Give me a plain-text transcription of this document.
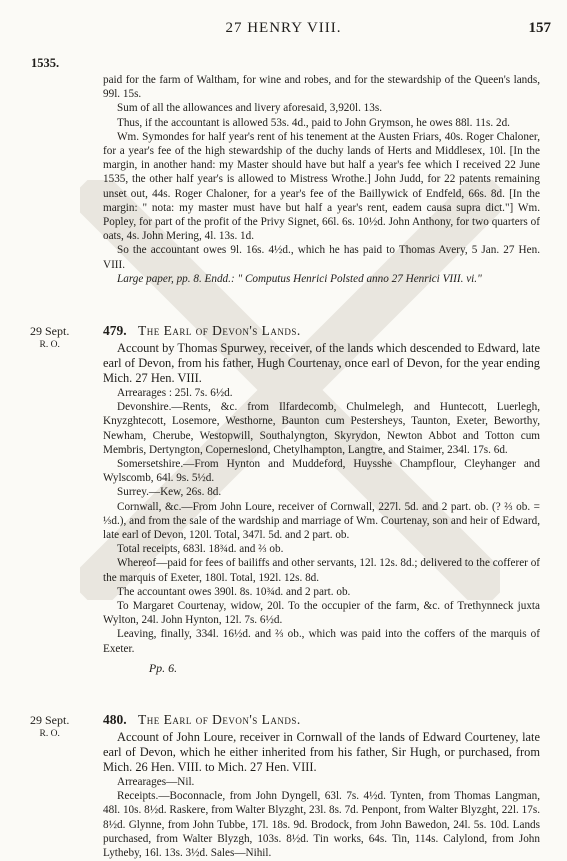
27 HENRY VIII.	157
1535.

paid for the farm of Waltham, for wine and robes, and for the stewardship of the Queen's lands, 99l. 15s.

Sum of all the allowances and livery aforesaid, 3,920l. 13s.

Thus, if the accountant is allowed 53s. 4d., paid to John Grymson, he owes 88l. 11s. 2d.

Wm. Symondes for half year's rent of his tenement at the Austen Friars, 40s. Roger Chaloner, for a year's fee of the high stewardship of the duchy lands of Herts and Middlesex, 10l. [In the margin, in another hand: my Master should have but half a year's fee which I received 22 June 1535, the other half year's is allowed to Mistress Wrothe.] John Judd, for 22 patents remaining unset out, 44s. Roger Chaloner, for a year's fee of the Baillywick of Endfeld, 66s. 8d. [In the margin: " nota: my master must have but half a year's rent, eadem causa supra dict."] Wm. Popley, for part of the profit of the Privy Signet, 66l. 6s. 10½d. John Anthony, for two quarters of oats, 4s. John Mering, 4l. 13s. 1d.

So the accountant owes 9l. 16s. 4½d., which he has paid to Thomas Avery, 5 Jan. 27 Hen. VIII.

Large paper, pp. 8. Endd.: " Computus Henrici Polsted anno 27 Henrici VIII. vi."

29 Sept.
R. O.
479. The Earl of Devon's Lands.

Account by Thomas Spurwey, receiver, of the lands which descended to Edward, late earl of Devon, from his father, Hugh Courtenay, once earl of Devon, for the year ending Mich. 27 Hen. VIII.

Arrearages : 25l. 7s. 6½d.

Devonshire.—Rents, &c. from Ilfardecomb, Chulmelegh, and Huntecott, Luerlegh, Knyzghtecott, Losemore, Westhorne, Baunton cum Pestersheys, Taunton, Exeter, Beworthy, Newham, Cherube, Westopwill, Southalyngton, Skyrydon, Newton Abbot and Totton cum Membris, Dertyngton, Coperneslond, Chetylhampton, Langtre, and Staimer, 234l. 17s. 6d.

Somersetshire.—From Hynton and Muddeford, Huysshe Champflour, Cleyhanger and Wylscomb, 64l. 9s. 5½d.

Surrey.—Kew, 26s. 8d.

Cornwall, &c.—From John Loure, receiver of Cornwall, 227l. 5d. and 2 part. ob. (? ⅔ ob. = ⅓d.), and from the sale of the wardship and marriage of Wm. Courtenay, son and heir of Edward, late earl of Devon, 120l. Total, 347l. 5d. and 2 part. ob.

Total receipts, 683l. 18¾d. and ⅔ ob.

Whereof—paid for fees of bailiffs and other servants, 12l. 12s. 8d.; delivered to the cofferer of the marquis of Exeter, 180l. Total, 192l. 12s. 8d.

The accountant owes 390l. 8s. 10¾d. and 2 part. ob.

To Margaret Courtenay, widow, 20l. To the occupier of the farm, &c. of Trethynneck juxta Wylton, 24l. John Hynton, 12l. 7s. 6½d.

Leaving, finally, 334l. 16½d. and ⅔ ob., which was paid into the coffers of the marquis of Exeter.

Pp. 6.
29 Sept.
R. O.
480. The Earl of Devon's Lands.

Account of John Loure, receiver in Cornwall of the lands of Edward Courteney, late earl of Devon, which he either inherited from his father, Sir Hugh, or purchased, from Mich. 26 Hen. VIII. to Mich. 27 Hen. VIII.

Arrearages—Nil.

Receipts.—Boconnacle, from John Dyngell, 63l. 7s. 4½d. Tynten, from Thomas Langman, 48l. 10s. 8½d. Raskere, from Walter Blyzght, 23l. 8s. 7d. Penpont, from Walter Blyzght, 22l. 17s. 8½d. Glynne, from John Tubbe, 17l. 18s. 9d. Brodock, from John Bawedon, 24l. 5s. 10d. Lands purchased, from Walter Blyzgh, 103s. 8½d. Tin works, 64s. Tin, 114s. Calylond, from John Lytheby, 16l. 13s. 3½d. Sales—Nihil.
